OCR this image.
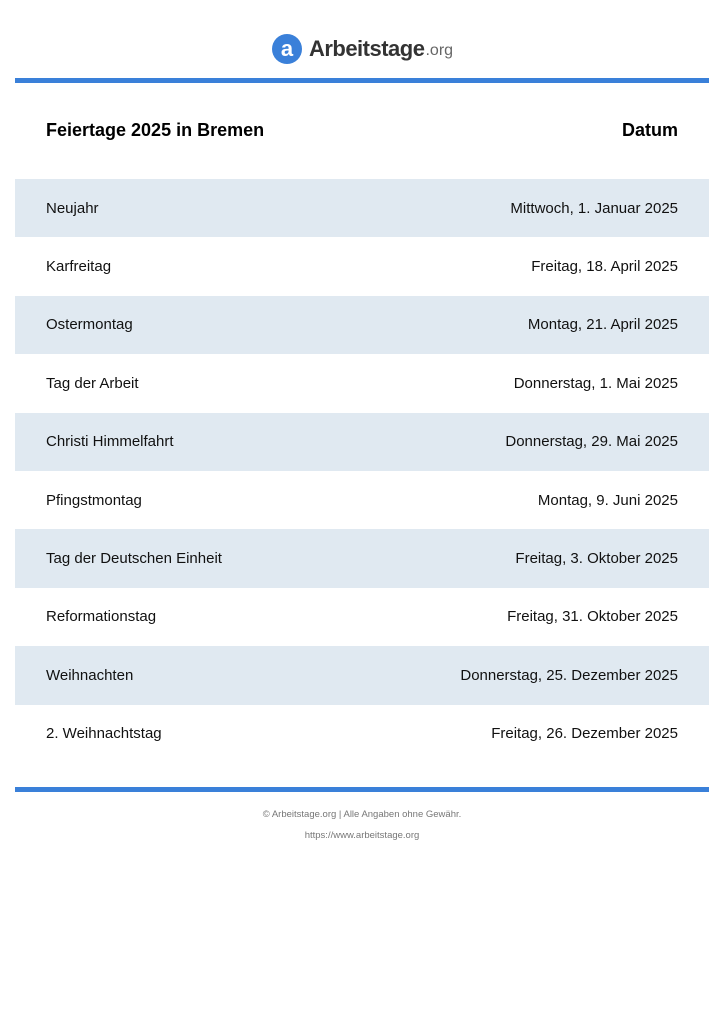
a Arbeitstage .org
Feiertage 2025 in Bremen	Datum
Neujahr	Mittwoch, 1. Januar 2025
Karfreitag	Freitag, 18. April 2025
Ostermontag	Montag, 21. April 2025
Tag der Arbeit	Donnerstag, 1. Mai 2025
Christi Himmelfahrt	Donnerstag, 29. Mai 2025
Pfingstmontag	Montag, 9. Juni 2025
Tag der Deutschen Einheit	Freitag, 3. Oktober 2025
Reformationstag	Freitag, 31. Oktober 2025
Weihnachten	Donnerstag, 25. Dezember 2025
2. Weihnachtstag	Freitag, 26. Dezember 2025
© Arbeitstage.org | Alle Angaben ohne Gewähr.
https://www.arbeitstage.org
